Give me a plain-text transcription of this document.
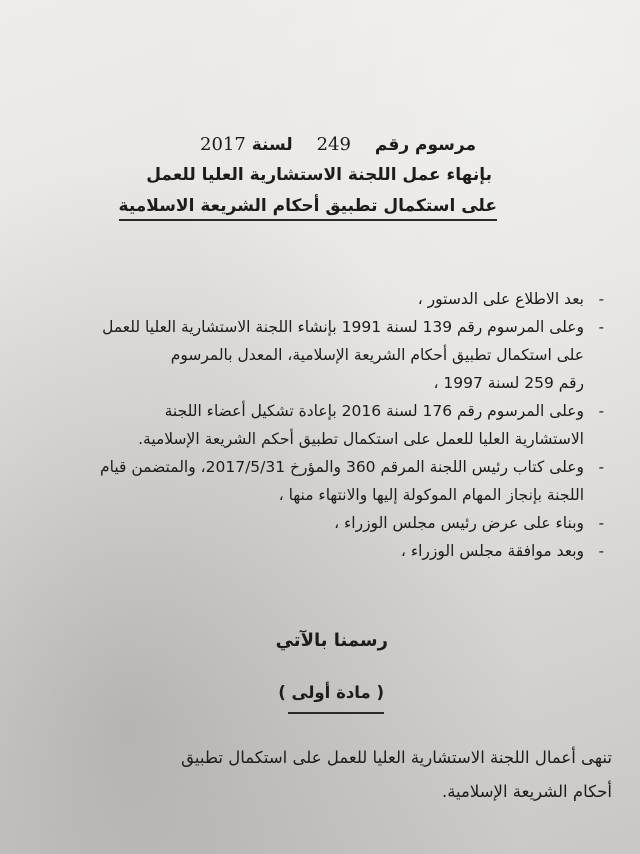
مرسوم رقم 249 لسنة 2017
بإنهاء عمل اللجنة الاستشارية العليا للعمل
على استكمال تطبيق أحكام الشريعة الاسلامية
-
بعد الاطلاع على الدستور ،
-
وعلى المرسوم رقم 139 لسنة 1991 بإنشاء اللجنة الاستشارية العليا للعمل
على استكمال تطبيق أحكام الشريعة الإسلامية، المعدل بالمرسوم
رقم 259 لسنة 1997 ،
-
وعلى المرسوم رقم 176 لسنة 2016 بإعادة تشكيل أعضاء اللجنة
الاستشارية العليا للعمل على استكمال تطبيق أحكم الشريعة الإسلامية.
-
وعلى كتاب رئيس اللجنة المرقم 360 والمؤرخ 2017/5/31، والمتضمن قيام
اللجنة بإنجاز المهام الموكولة إليها والانتهاء منها ،
-
وبناء على عرض رئيس مجلس الوزراء ،
-
وبعد موافقة مجلس الوزراء ،
رسمنا بالآتي
( مادة أولى )
تنهى أعمال اللجنة الاستشارية العليا للعمل على استكمال تطبيق
أحكام الشريعة الإسلامية.
